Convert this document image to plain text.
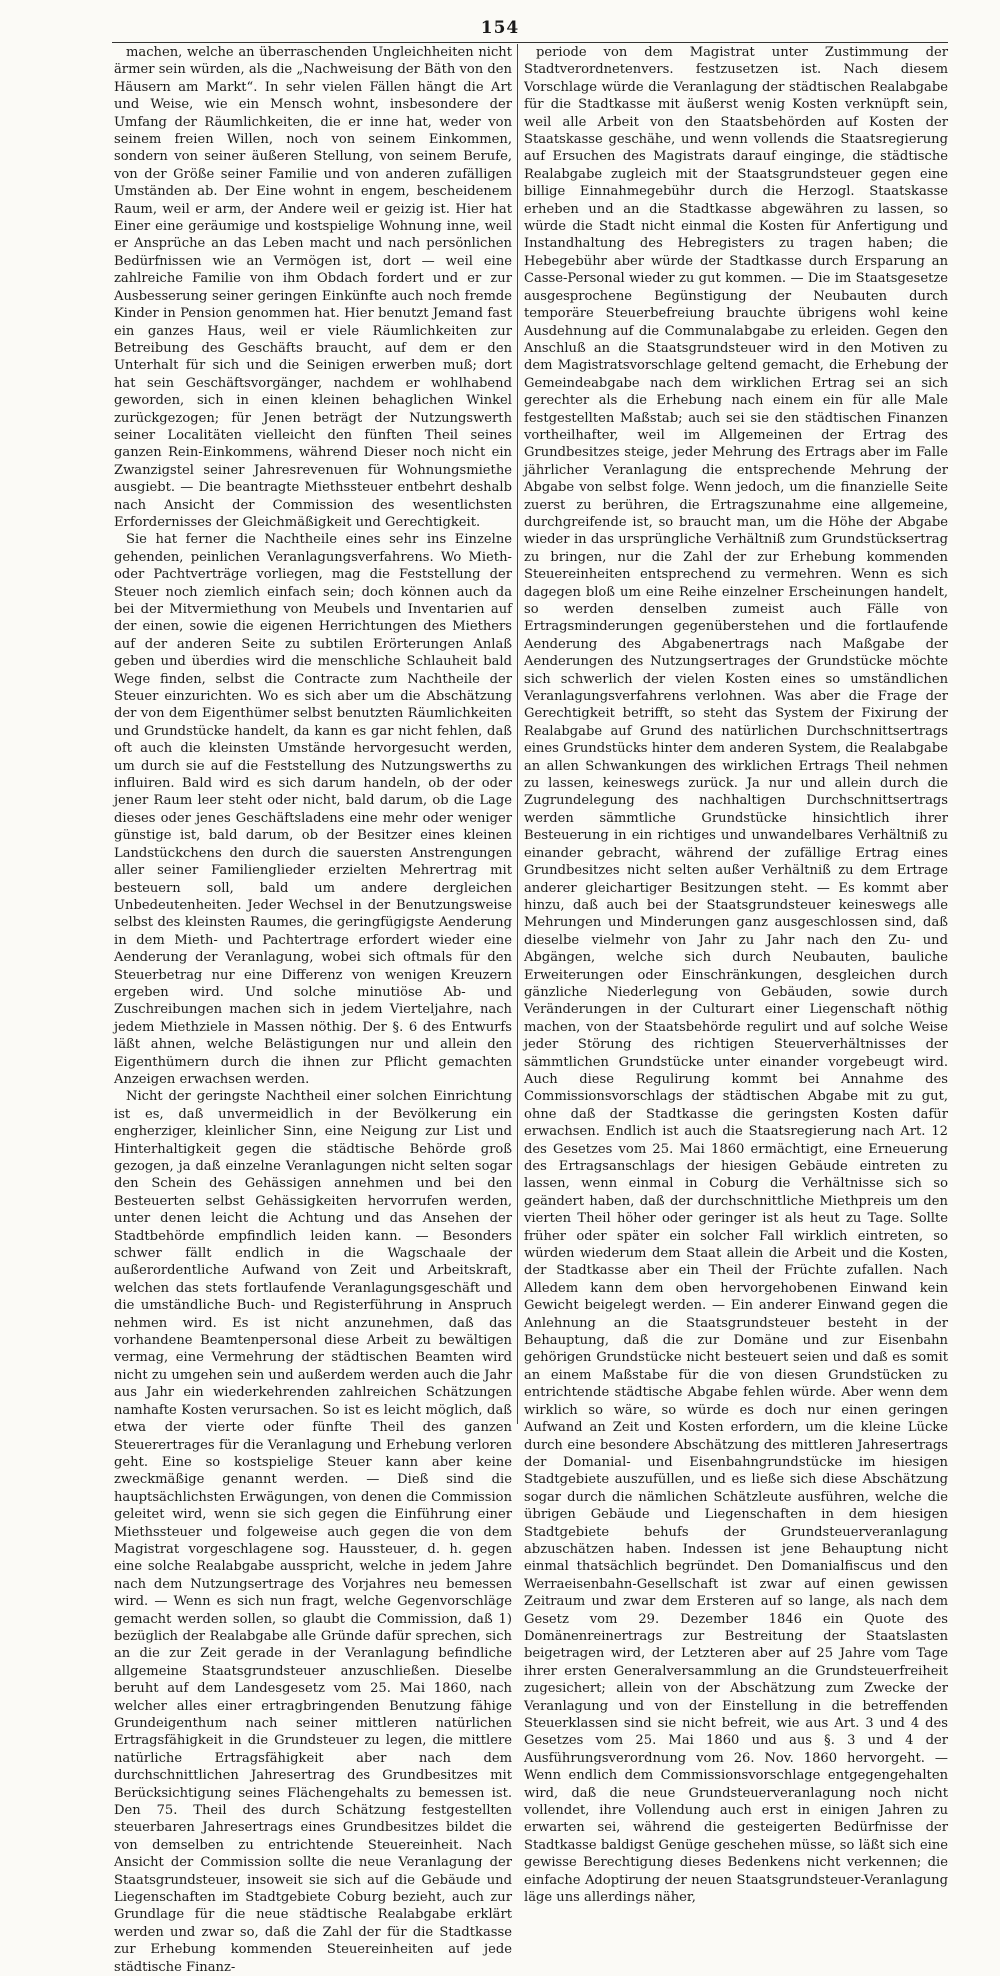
154

machen, welche an überraschenden Ungleichheiten nicht ärmer sein würden, als die „Nachweisung der Bäth von den Häusern am Markt“. In sehr vielen Fällen hängt die Art und Weise, wie ein Mensch wohnt, insbesondere der Umfang der Räumlichkeiten, die er inne hat, weder von seinem freien Willen, noch von seinem Einkommen, sondern von seiner äußeren Stellung, von seinem Berufe, von der Größe seiner Familie und von anderen zufälligen Umständen ab. Der Eine wohnt in engem, bescheidenem Raum, weil er arm, der Andere weil er geizig ist. Hier hat Einer eine geräumige und kostspielige Wohnung inne, weil er Ansprüche an das Leben macht und nach persönlichen Bedürfnissen wie an Vermögen ist, dort — weil eine zahlreiche Familie von ihm Obdach fordert und er zur Ausbesserung seiner geringen Einkünfte auch noch fremde Kinder in Pension genommen hat. Hier benutzt Jemand fast ein ganzes Haus, weil er viele Räumlichkeiten zur Betreibung des Geschäfts braucht, auf dem er den Unterhalt für sich und die Seinigen erwerben muß; dort hat sein Geschäftsvorgänger, nachdem er wohlhabend geworden, sich in einen kleinen behaglichen Winkel zurückgezogen; für Jenen beträgt der Nutzungswerth seiner Localitäten vielleicht den fünften Theil seines ganzen Rein-Einkommens, während Dieser noch nicht ein Zwanzigstel seiner Jahresrevenuen für Wohnungsmiethe ausgiebt. — Die beantragte Miethssteuer entbehrt deshalb nach Ansicht der Commission des wesentlichsten Erfordernisses der Gleichmäßigkeit und Gerechtigkeit.

Sie hat ferner die Nachtheile eines sehr ins Einzelne gehenden, peinlichen Veranlagungsverfahrens. Wo Mieth- oder Pachtverträge vorliegen, mag die Feststellung der Steuer noch ziemlich einfach sein; doch können auch da bei der Mitvermiethung von Meubels und Inventarien auf der einen, sowie die eigenen Herrichtungen des Miethers auf der anderen Seite zu subtilen Erörterungen Anlaß geben und überdies wird die menschliche Schlauheit bald Wege finden, selbst die Contracte zum Nachtheile der Steuer einzurichten. Wo es sich aber um die Abschätzung der von dem Eigenthümer selbst benutzten Räumlichkeiten und Grundstücke handelt, da kann es gar nicht fehlen, daß oft auch die kleinsten Umstände hervorgesucht werden, um durch sie auf die Feststellung des Nutzungswerths zu influiren. Bald wird es sich darum handeln, ob der oder jener Raum leer steht oder nicht, bald darum, ob die Lage dieses oder jenes Geschäftsladens eine mehr oder weniger günstige ist, bald darum, ob der Besitzer eines kleinen Landstückchens den durch die sauersten Anstrengungen aller seiner Familienglieder erzielten Mehrertrag mit besteuern soll, bald um andere dergleichen Unbedeutenheiten. Jeder Wechsel in der Benutzungsweise selbst des kleinsten Raumes, die geringfügigste Aenderung in dem Mieth- und Pachtertrage erfordert wieder eine Aenderung der Veranlagung, wobei sich oftmals für den Steuerbetrag nur eine Differenz von wenigen Kreuzern ergeben wird. Und solche minutiöse Ab- und Zuschreibungen machen sich in jedem Vierteljahre, nach jedem Miethziele in Massen nöthig. Der §. 6 des Entwurfs läßt ahnen, welche Belästigungen nur und allein den Eigenthümern durch die ihnen zur Pflicht gemachten Anzeigen erwachsen werden.

Nicht der geringste Nachtheil einer solchen Einrichtung ist es, daß unvermeidlich in der Bevölkerung ein engherziger, kleinlicher Sinn, eine Neigung zur List und Hinterhaltigkeit gegen die städtische Behörde groß gezogen, ja daß einzelne Veranlagungen nicht selten sogar den Schein des Gehässigen annehmen und bei den Besteuerten selbst Gehässigkeiten hervorrufen werden, unter denen leicht die Achtung und das Ansehen der Stadtbehörde empfindlich leiden kann. — Besonders schwer fällt endlich in die Wagschaale der außerordentliche Aufwand von Zeit und Arbeitskraft, welchen das stets fortlaufende Veranlagungsgeschäft und die umständliche Buch- und Registerführung in Anspruch nehmen wird. Es ist nicht anzunehmen, daß das vorhandene Beamtenpersonal diese Arbeit zu bewältigen vermag, eine Vermehrung der städtischen Beamten wird nicht zu umgehen sein und außerdem werden auch die Jahr aus Jahr ein wiederkehrenden zahlreichen Schätzungen namhafte Kosten verursachen. So ist es leicht möglich, daß etwa der vierte oder fünfte Theil des ganzen Steuerertrages für die Veranlagung und Erhebung verloren geht. Eine so kostspielige Steuer kann aber keine zweckmäßige genannt werden. — Dieß sind die hauptsächlichsten Erwägungen, von denen die Commission geleitet wird, wenn sie sich gegen die Einführung einer Miethssteuer und folgeweise auch gegen die von dem Magistrat vorgeschlagene sog. Haussteuer, d. h. gegen eine solche Realabgabe ausspricht, welche in jedem Jahre nach dem Nutzungsertrage des Vorjahres neu bemessen wird. — Wenn es sich nun fragt, welche Gegenvorschläge gemacht werden sollen, so glaubt die Commission, daß 1) bezüglich der Realabgabe alle Gründe dafür sprechen, sich an die zur Zeit gerade in der Veranlagung befindliche allgemeine Staatsgrundsteuer anzuschließen. Dieselbe beruht auf dem Landesgesetz vom 25. Mai 1860, nach welcher alles einer ertragbringenden Benutzung fähige Grundeigenthum nach seiner mittleren natürlichen Ertragsfähigkeit in die Grundsteuer zu legen, die mittlere natürliche Ertragsfähigkeit aber nach dem durchschnittlichen Jahresertrag des Grundbesitzes mit Berücksichtigung seines Flächengehalts zu bemessen ist. Den 75. Theil des durch Schätzung festgestellten steuerbaren Jahresertrags eines Grundbesitzes bildet die von demselben zu entrichtende Steuereinheit. Nach Ansicht der Commission sollte die neue Veranlagung der Staatsgrundsteuer, insoweit sie sich auf die Gebäude und Liegenschaften im Stadtgebiete Coburg bezieht, auch zur Grundlage für die neue städtische Realabgabe erklärt werden und zwar so, daß die Zahl der für die Stadtkasse zur Erhebung kommenden Steuereinheiten auf jede städtische Finanz-

periode von dem Magistrat unter Zustimmung der Stadtverordnetenvers. festzusetzen ist. Nach diesem Vorschlage würde die Veranlagung der städtischen Realabgabe für die Stadtkasse mit äußerst wenig Kosten verknüpft sein, weil alle Arbeit von den Staatsbehörden auf Kosten der Staatskasse geschähe, und wenn vollends die Staatsregierung auf Ersuchen des Magistrats darauf einginge, die städtische Realabgabe zugleich mit der Staatsgrundsteuer gegen eine billige Einnahmegebühr durch die Herzogl. Staatskasse erheben und an die Stadtkasse abgewähren zu lassen, so würde die Stadt nicht einmal die Kosten für Anfertigung und Instandhaltung des Hebregisters zu tragen haben; die Hebegebühr aber würde der Stadtkasse durch Ersparung an Casse-Personal wieder zu gut kommen. — Die im Staatsgesetze ausgesprochene Begünstigung der Neubauten durch temporäre Steuerbefreiung brauchte übrigens wohl keine Ausdehnung auf die Communalabgabe zu erleiden. Gegen den Anschluß an die Staatsgrundsteuer wird in den Motiven zu dem Magistratsvorschlage geltend gemacht, die Erhebung der Gemeindeabgabe nach dem wirklichen Ertrag sei an sich gerechter als die Erhebung nach einem ein für alle Male festgestellten Maßstab; auch sei sie den städtischen Finanzen vortheilhafter, weil im Allgemeinen der Ertrag des Grundbesitzes steige, jeder Mehrung des Ertrags aber im Falle jährlicher Veranlagung die entsprechende Mehrung der Abgabe von selbst folge. Wenn jedoch, um die finanzielle Seite zuerst zu berühren, die Ertragszunahme eine allgemeine, durchgreifende ist, so braucht man, um die Höhe der Abgabe wieder in das ursprüngliche Verhältniß zum Grundstücksertrag zu bringen, nur die Zahl der zur Erhebung kommenden Steuereinheiten entsprechend zu vermehren. Wenn es sich dagegen bloß um eine Reihe einzelner Erscheinungen handelt, so werden denselben zumeist auch Fälle von Ertragsminderungen gegenüberstehen und die fortlaufende Aenderung des Abgabenertrags nach Maßgabe der Aenderungen des Nutzungsertrages der Grundstücke möchte sich schwerlich der vielen Kosten eines so umständlichen Veranlagungsverfahrens verlohnen. Was aber die Frage der Gerechtigkeit betrifft, so steht das System der Fixirung der Realabgabe auf Grund des natürlichen Durchschnittsertrags eines Grundstücks hinter dem anderen System, die Realabgabe an allen Schwankungen des wirklichen Ertrags Theil nehmen zu lassen, keineswegs zurück. Ja nur und allein durch die Zugrundelegung des nachhaltigen Durchschnittsertrags werden sämmtliche Grundstücke hinsichtlich ihrer Besteuerung in ein richtiges und unwandelbares Verhältniß zu einander gebracht, während der zufällige Ertrag eines Grundbesitzes nicht selten außer Verhältniß zu dem Ertrage anderer gleichartiger Besitzungen steht. — Es kommt aber hinzu, daß auch bei der Staatsgrundsteuer keineswegs alle Mehrungen und Minderungen ganz ausgeschlossen sind, daß dieselbe vielmehr von Jahr zu Jahr nach den Zu- und Abgängen, welche sich durch Neubauten, bauliche Erweiterungen oder Einschränkungen, desgleichen durch gänzliche Niederlegung von Gebäuden, sowie durch Veränderungen in der Culturart einer Liegenschaft nöthig machen, von der Staatsbehörde regulirt und auf solche Weise jeder Störung des richtigen Steuerverhältnisses der sämmtlichen Grundstücke unter einander vorgebeugt wird. Auch diese Regulirung kommt bei Annahme des Commissionsvorschlags der städtischen Abgabe mit zu gut, ohne daß der Stadtkasse die geringsten Kosten dafür erwachsen. Endlich ist auch die Staatsregierung nach Art. 12 des Gesetzes vom 25. Mai 1860 ermächtigt, eine Erneuerung des Ertragsanschlags der hiesigen Gebäude eintreten zu lassen, wenn einmal in Coburg die Verhältnisse sich so geändert haben, daß der durchschnittliche Miethpreis um den vierten Theil höher oder geringer ist als heut zu Tage. Sollte früher oder später ein solcher Fall wirklich eintreten, so würden wiederum dem Staat allein die Arbeit und die Kosten, der Stadtkasse aber ein Theil der Früchte zufallen. Nach Alledem kann dem oben hervorgehobenen Einwand kein Gewicht beigelegt werden. — Ein anderer Einwand gegen die Anlehnung an die Staatsgrundsteuer besteht in der Behauptung, daß die zur Domäne und zur Eisenbahn gehörigen Grundstücke nicht besteuert seien und daß es somit an einem Maßstabe für die von diesen Grundstücken zu entrichtende städtische Abgabe fehlen würde. Aber wenn dem wirklich so wäre, so würde es doch nur einen geringen Aufwand an Zeit und Kosten erfordern, um die kleine Lücke durch eine besondere Abschätzung des mittleren Jahresertrags der Domanial- und Eisenbahngrundstücke im hiesigen Stadtgebiete auszufüllen, und es ließe sich diese Abschätzung sogar durch die nämlichen Schätzleute ausführen, welche die übrigen Gebäude und Liegenschaften in dem hiesigen Stadtgebiete behufs der Grundsteuerveranlagung abzuschätzen haben. Indessen ist jene Behauptung nicht einmal thatsächlich begründet. Den Domanialfiscus und den Werraeisenbahn-Gesellschaft ist zwar auf einen gewissen Zeitraum und zwar dem Ersteren auf so lange, als nach dem Gesetz vom 29. Dezember 1846 ein Quote des Domänenreinertrags zur Bestreitung der Staatslasten beigetragen wird, der Letzteren aber auf 25 Jahre vom Tage ihrer ersten Generalversammlung an die Grundsteuerfreiheit zugesichert; allein von der Abschätzung zum Zwecke der Veranlagung und von der Einstellung in die betreffenden Steuerklassen sind sie nicht befreit, wie aus Art. 3 und 4 des Gesetzes vom 25. Mai 1860 und aus §. 3 und 4 der Ausführungsverordnung vom 26. Nov. 1860 hervorgeht. — Wenn endlich dem Commissionsvorschlage entgegengehalten wird, daß die neue Grundsteuerveranlagung noch nicht vollendet, ihre Vollendung auch erst in einigen Jahren zu erwarten sei, während die gesteigerten Bedürfnisse der Stadtkasse baldigst Genüge geschehen müsse, so läßt sich eine gewisse Berechtigung dieses Bedenkens nicht verkennen; die einfache Adoptirung der neuen Staatsgrundsteuer-Veranlagung läge uns allerdings näher,
